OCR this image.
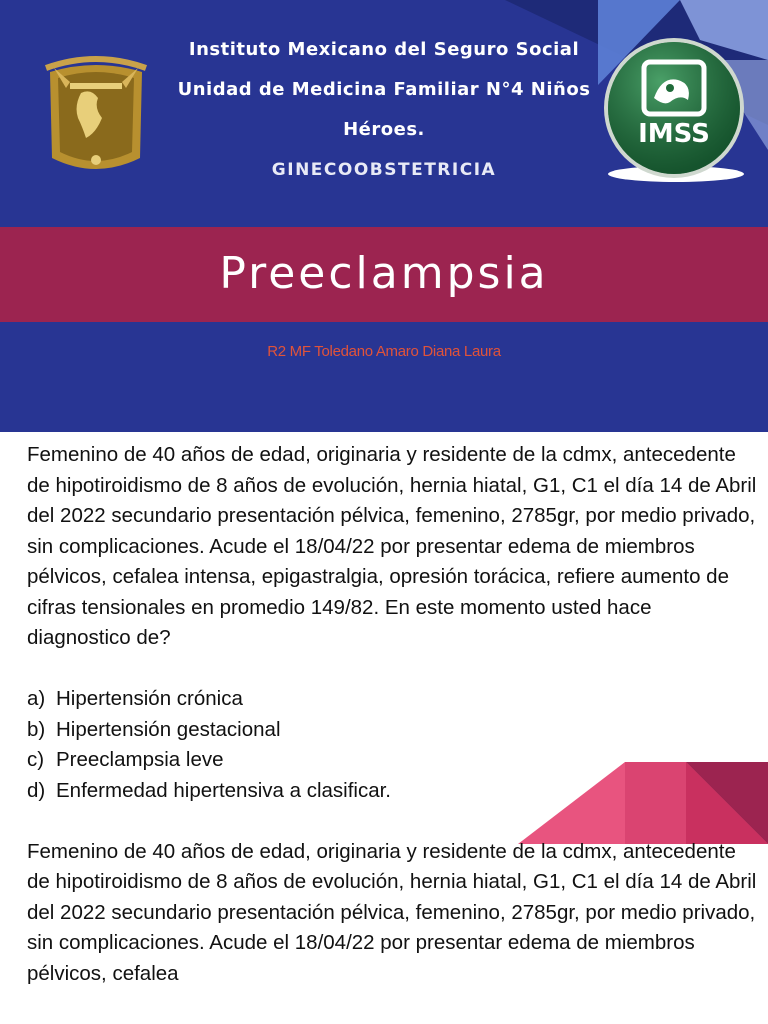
IMSS
Instituto Mexicano del Seguro Social
Unidad de Medicina Familiar N°4 Niños
Héroes.
GINECOOBSTETRICIA
Preeclampsia
R2 MF Toledano Amaro Diana Laura

Femenino de 40 años de edad, originaria y residente de la cdmx, antecedente de hipotiroidismo de 8 años de evolución, hernia hiatal, G1, C1 el día 14 de Abril del 2022 secundario presentación pélvica, femenino, 2785gr, por medio privado, sin complicaciones. Acude el 18/04/22 por presentar edema de miembros pélvicos, cefalea intensa, epigastralgia, opresión torácica, refiere aumento de cifras tensionales en promedio 149/82. En este momento usted hace diagnostico de?

a) Hipertensión crónica
b) Hipertensión gestacional
c) Preeclampsia leve
d) Enfermedad hipertensiva a clasificar.

Femenino de 40 años de edad, originaria y residente de la cdmx, antecedente de hipotiroidismo de 8 años de evolución, hernia hiatal, G1, C1 el día 14 de Abril del 2022 secundario presentación pélvica, femenino, 2785gr, por medio privado, sin complicaciones. Acude el 18/04/22 por presentar edema de miembros pélvicos, cefalea
